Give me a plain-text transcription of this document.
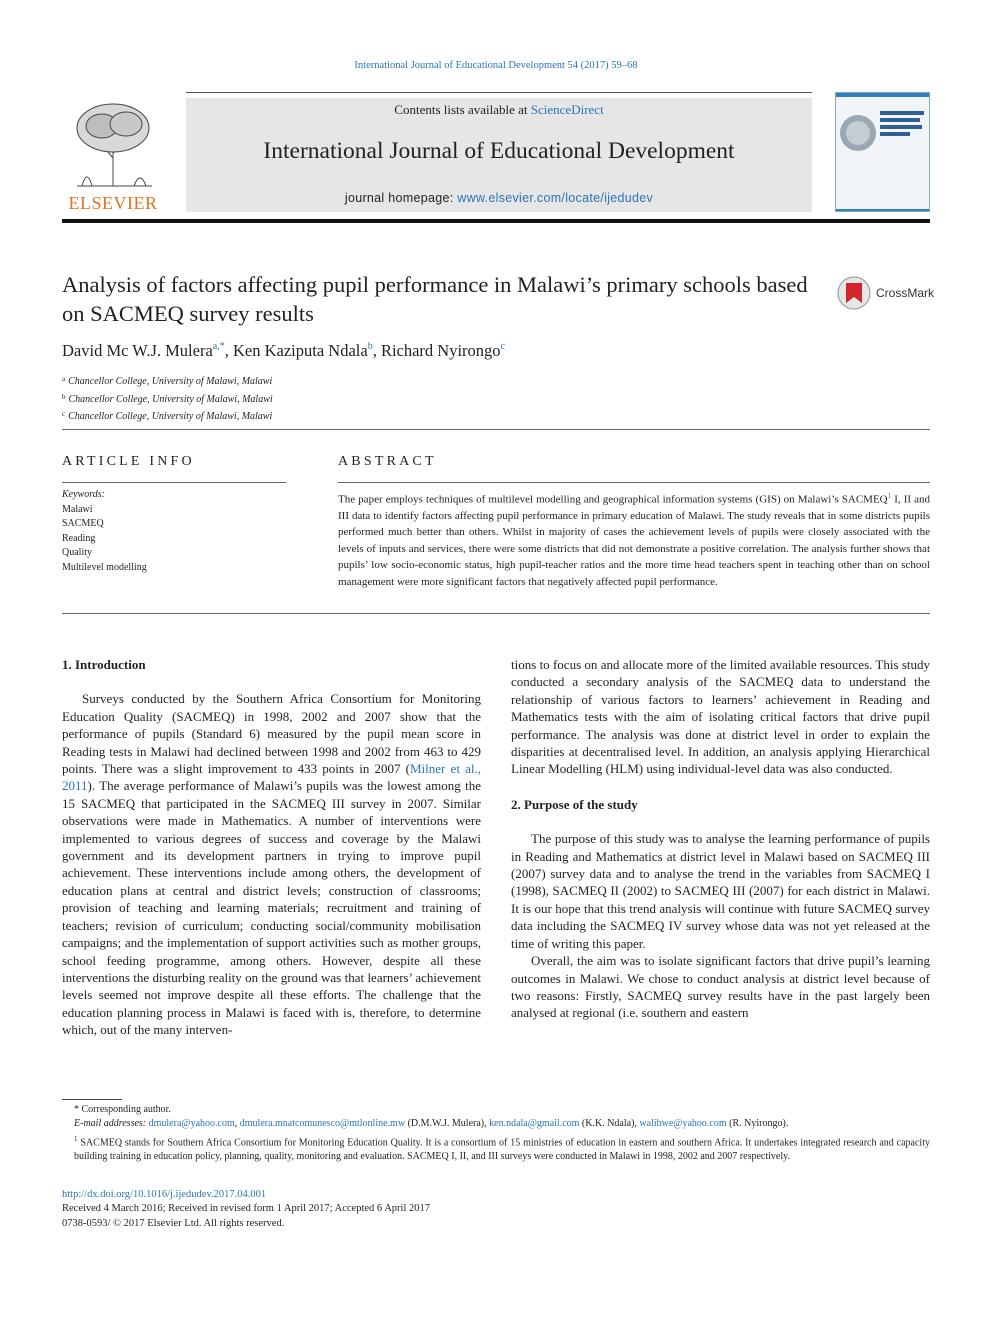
International Journal of Educational Development 54 (2017) 59–68
ELSEVIER
Contents lists available at ScienceDirect
International Journal of Educational Development
journal homepage: www.elsevier.com/locate/ijedudev
Analysis of factors affecting pupil performance in Malawi’s primary schools based on SACMEQ survey results
CrossMark
David Mc W.J. Mulera$^{a,*}$, Ken Kaziputa Ndala$^b$, Richard Nyirongo$^c$
$^a$ Chancellor College, University of Malawi, Malawi
$^b$ Chancellor College, University of Malawi, Malawi
$^c$ Chancellor College, University of Malawi, Malawi
ARTICLE INFO
Keywords:
Malawi
SACMEQ
Reading
Quality
Multilevel modelling
ABSTRACT
The paper employs techniques of multilevel modelling and geographical information systems (GIS) on Malawi’s SACMEQ$^1$ I, II and III data to identify factors affecting pupil performance in primary education of Malawi. The study reveals that in some districts pupils performed much better than others. Whilst in majority of cases the achievement levels of pupils were closely associated with the levels of inputs and services, there were some districts that did not demonstrate a positive correlation. The analysis further shows that pupils’ low socio-economic status, high pupil-teacher ratios and the more time head teachers spent in teaching other than on school management were more significant factors that negatively affected pupil performance.
1. Introduction

Surveys conducted by the Southern Africa Consortium for Monitoring Education Quality (SACMEQ) in 1998, 2002 and 2007 show that the performance of pupils (Standard 6) measured by the pupil mean score in Reading tests in Malawi had declined between 1998 and 2002 from 463 to 429 points. There was a slight improvement to 433 points in 2007 (Milner et al., 2011). The average performance of Malawi’s pupils was the lowest among the 15 SACMEQ that participated in the SACMEQ III survey in 2007. Similar observations were made in Mathematics. A number of interventions were implemented to various degrees of success and coverage by the Malawi government and its development partners in trying to improve pupil achievement. These interventions include among others, the development of education plans at central and district levels; construction of classrooms; provision of teaching and learning materials; recruitment and training of teachers; revision of curriculum; conducting social/community mobilisation campaigns; and the implementation of support activities such as mother groups, school feeding programme, among others. However, despite all these interventions the disturbing reality on the ground was that learners’ achievement levels seemed not improve despite all these efforts. The challenge that the education planning process in Malawi is faced with is, therefore, to determine which, out of the many interven-

tions to focus on and allocate more of the limited available resources. This study conducted a secondary analysis of the SACMEQ data to understand the relationship of various factors to learners’ achievement in Reading and Mathematics tests with the aim of isolating critical factors that drive pupil performance. The analysis was done at district level in order to explain the disparities at decentralised level. In addition, an analysis applying Hierarchical Linear Modelling (HLM) using individual-level data was also conducted.

2. Purpose of the study

The purpose of this study was to analyse the learning performance of pupils in Reading and Mathematics at district level in Malawi based on SACMEQ III (2007) survey data and to analyse the trend in the variables from SACMEQ I (1998), SACMEQ II (2002) to SACMEQ III (2007) for each district in Malawi. It is our hope that this trend analysis will continue with future SACMEQ survey data including the SACMEQ IV survey whose data was not yet released at the time of writing this paper.

Overall, the aim was to isolate significant factors that drive pupil’s learning outcomes in Malawi. We chose to conduct analysis at district level because of two reasons: Firstly, SACMEQ survey results have in the past largely been analysed at regional (i.e. southern and eastern

* Corresponding author.
E-mail addresses: dmulera@yahoo.com, dmulera.mnatcomunesco@mtlonline.mw (D.M.W.J. Mulera), ken.ndala@gmail.com (K.K. Ndala), walibwe@yahoo.com (R. Nyirongo).
$^1$ SACMEQ stands for Southern Africa Consortium for Monitoring Education Quality. It is a consortium of 15 ministries of education in eastern and southern Africa. It undertakes integrated research and capacity building training in education policy, planning, quality, monitoring and evaluation. SACMEQ I, II, and III surveys were conducted in Malawi in 1998, 2002 and 2007 respectively.
http://dx.doi.org/10.1016/j.ijedudev.2017.04.001
Received 4 March 2016; Received in revised form 1 April 2017; Accepted 6 April 2017
0738-0593/ © 2017 Elsevier Ltd. All rights reserved.
